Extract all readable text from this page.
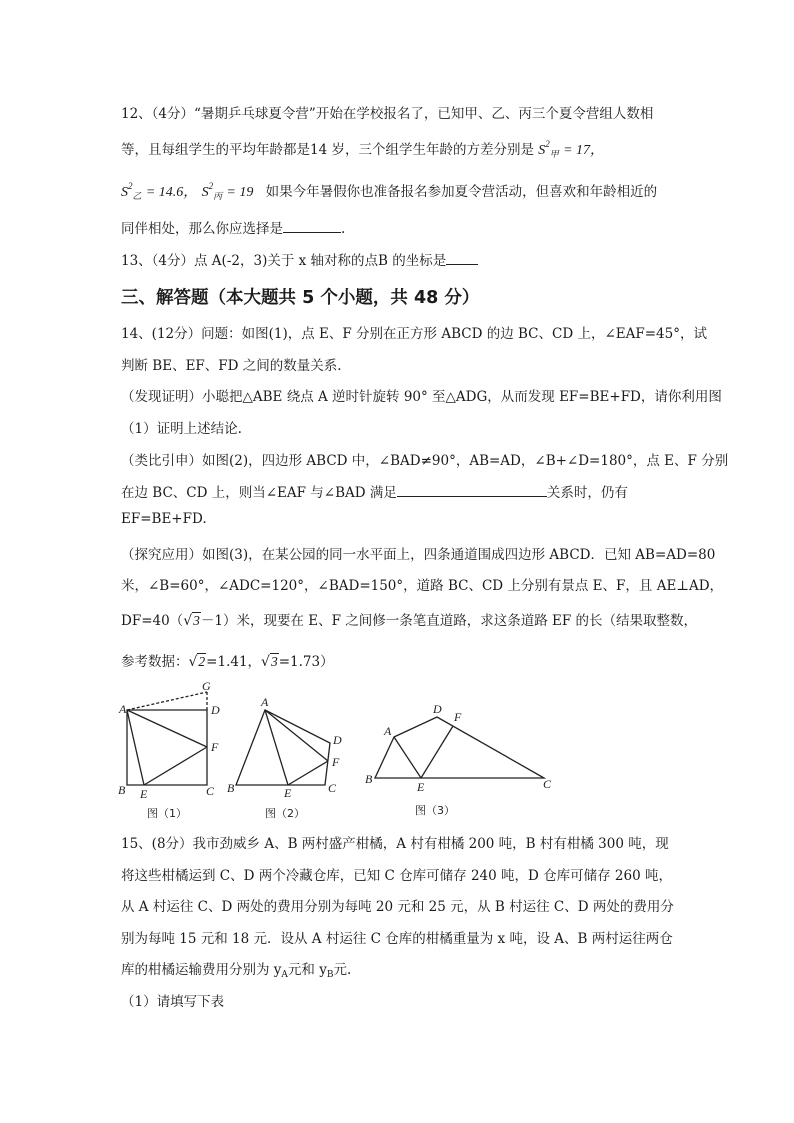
12、（4分）“暑期乒乓球夏令营”开始在学校报名了，已知甲、乙、丙三个夏令营组人数相
等，且每组学生的平均年龄都是14 岁，三个组学生年龄的方差分别是 $S^2_甲 = 17$，
$S^2_乙 = 14.6$， $S^2_丙 = 19$ 如果今年暑假你也准备报名参加夏令营活动，但喜欢和年龄相近的
同伴相处，那么你应选择是	.
13、（4分）点 A(-2，3)关于 x 轴对称的点B 的坐标是
三、解答题（本大题共 5 个小题，共 48 分）
14、(12分）问题：如图(1)，点 E、F 分别在正方形 ABCD 的边 BC、CD 上，∠EAF=45°，试
判断 BE、EF、FD 之间的数量关系.
（发现证明）小聪把△ABE 绕点 A 逆时针旋转 90° 至△ADG，从而发现 EF=BE+FD，请你利用图
（1）证明上述结论.
（类比引申）如图(2)，四边形 ABCD 中，∠BAD≠90°，AB=AD，∠B+∠D=180°，点 E、F 分别
在边 BC、CD 上，则当∠EAF 与∠BAD 满足	关系时，仍有
EF=BE+FD.
（探究应用）如图(3)，在某公园的同一水平面上，四条通道围成四边形 ABCD．已知 AB=AD=80
米，∠B=60°，∠ADC=120°，∠BAD=150°，道路 BC、CD 上分别有景点 E、F，且 AE⊥AD，
DF=40（√3－1）米，现要在 E、F 之间修一条笔直道路，求这条道路 EF 的长（结果取整数，
参考数据：√2=1.41，√3=1.73）
A	D
G
F
B E	C
图（1）
A
D
F
B	E	C
图（2）
A
D
F
B
E	C
图（3）
15、(8分）我市劲威乡 A、B 两村盛产柑橘，A 村有柑橘 200 吨，B 村有柑橘 300 吨，现
将这些柑橘运到 C、D 两个冷藏仓库，已知 C 仓库可储存 240 吨，D 仓库可储存 260 吨，
从 A 村运往 C、D 两处的费用分别为每吨 20 元和 25 元，从 B 村运往 C、D 两处的费用分
别为每吨 15 元和 18 元．设从 A 村运往 C 仓库的柑橘重量为 x 吨，设 A、B 两村运往两仓
库的柑橘运输费用分别为 $y_A$元和 $y_B$元.
（1）请填写下表
